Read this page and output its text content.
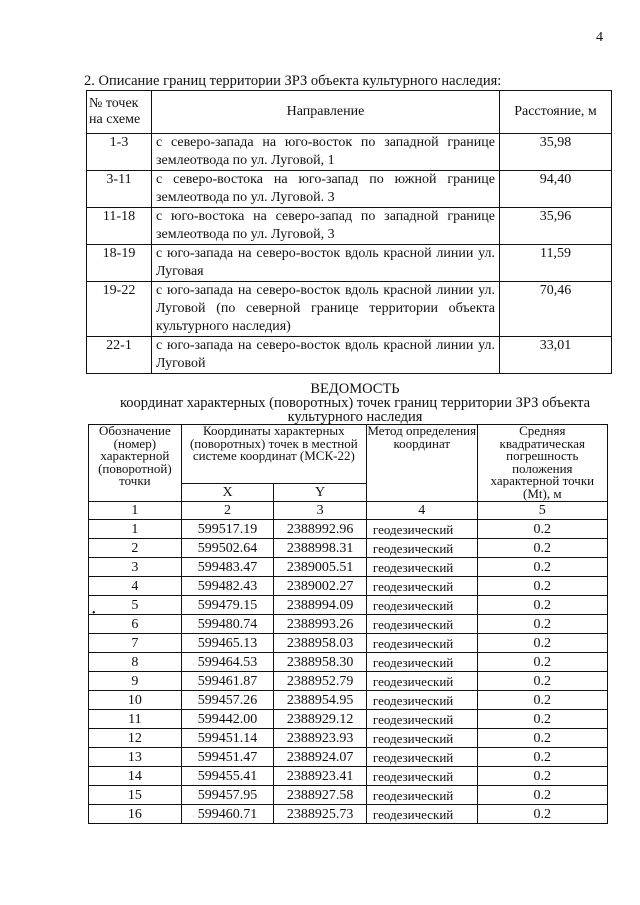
4
2. Описание границ территории ЗРЗ объекта культурного наследия:
№ точек на схеме	Направление	Расстояние, м
1-3	с северо-запада на юго-восток по западной границе землеотвода по ул. Луговой, 1	35,98
3-11	с северо-востока на юго-запад по южной границе землеотвода по ул. Луговой. 3	94,40
11-18	с юго-востока на северо-запад по западной границе землеотвода по ул. Луговой, 3	35,96
18-19	с юго-запада на северо-восток вдоль красной линии ул. Луговая	11,59
19-22	с юго-запада на северо-восток вдоль красной линии ул. Луговой (по северной границе территории объекта культурного наследия)	70,46
22-1	с юго-запада на северо-восток вдоль красной линии ул. Луговой	33,01
ВЕДОМОСТЬ
координат характерных (поворотных) точек границ территории ЗРЗ объекта
культурного наследия
Обозначение (номер) характерной (поворотной) точки	Координаты характерных (поворотных) точек в местной системе координат (МСК-22)		Метод определения координат	Средняя квадратическая погрешность положения характерной точки (Mt), м
	X	Y		
1	2	3	4	5
1	599517.19	2388992.96	геодезический	0.2
2	599502.64	2388998.31	геодезический	0.2
3	599483.47	2389005.51	геодезический	0.2
4	599482.43	2389002.27	геодезический	0.2
5	599479.15	2388994.09	геодезический	0.2
6	599480.74	2388993.26	геодезический	0.2
7	599465.13	2388958.03	геодезический	0.2
8	599464.53	2388958.30	геодезический	0.2
9	599461.87	2388952.79	геодезический	0.2
10	599457.26	2388954.95	геодезический	0.2
11	599442.00	2388929.12	геодезический	0.2
12	599451.14	2388923.93	геодезический	0.2
13	599451.47	2388924.07	геодезический	0.2
14	599455.41	2388923.41	геодезический	0.2
15	599457.95	2388927.58	геодезический	0.2
16	599460.71	2388925.73	геодезический	0.2
•
